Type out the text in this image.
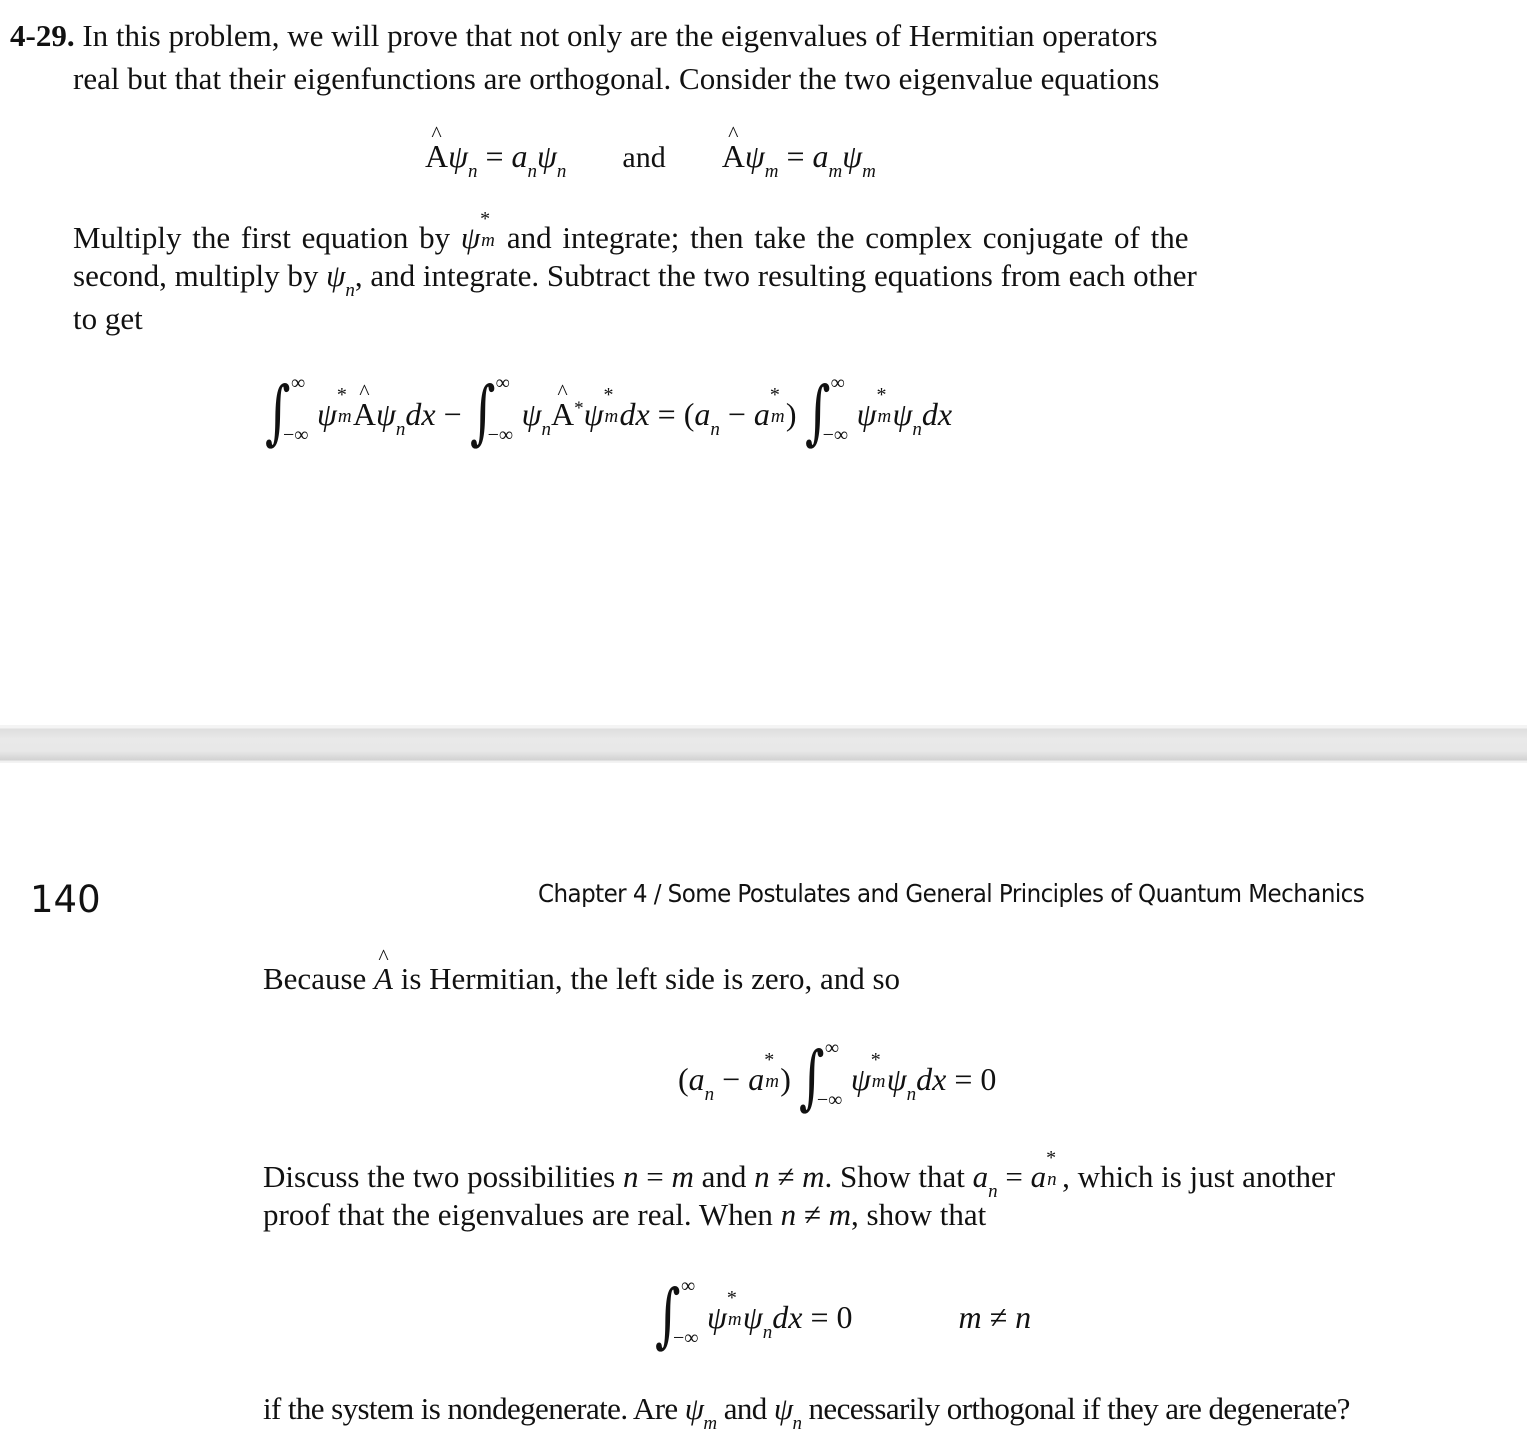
4-29. In this problem, we will prove that not only are the eigenvalues of Hermitian operators
real but that their eigenfunctions are orthogonal. Consider the two eigenvalue equations
^ $A\psi_n = a_n\psi_n$ and ^ $A\psi_m = a_m\psi_m$
Multiply the first equation by ψ
*
m and integrate; then take the complex conjugate of the
second, multiply by $\psi_n$, and integrate. Subtract the two resulting equations from each other
to get
∫ ∞
−∞
ψ
*
m ^ $A\psi_ndx$ − ∫ ∞
−∞
$\psi_n\^{}$ A*ψ
*
m dx = ($a_n - a$
*
m ) ∫ ∞
−∞
ψ
*
m $\psi_ndx$
140	Chapter 4 / Some Postulates and General Principles of Quantum Mechanics
Because ^ A is Hermitian, the left side is zero, and so
($a_n - a$
*
m ) ∫ ∞
−∞
ψ
*
m $\psi_ndx = 0$
Discuss the two possibilities n = m and n ≠ m. Show that $a_n = a$
*
n , which is just another
proof that the eigenvalues are real. When n ≠ m, show that
∫ ∞
−∞
ψ
*
m $\psi_ndx = 0$	m ≠ n
if the system is nondegenerate. Are $\psi_m$ and $\psi_n$ necessarily orthogonal if they are degenerate?
